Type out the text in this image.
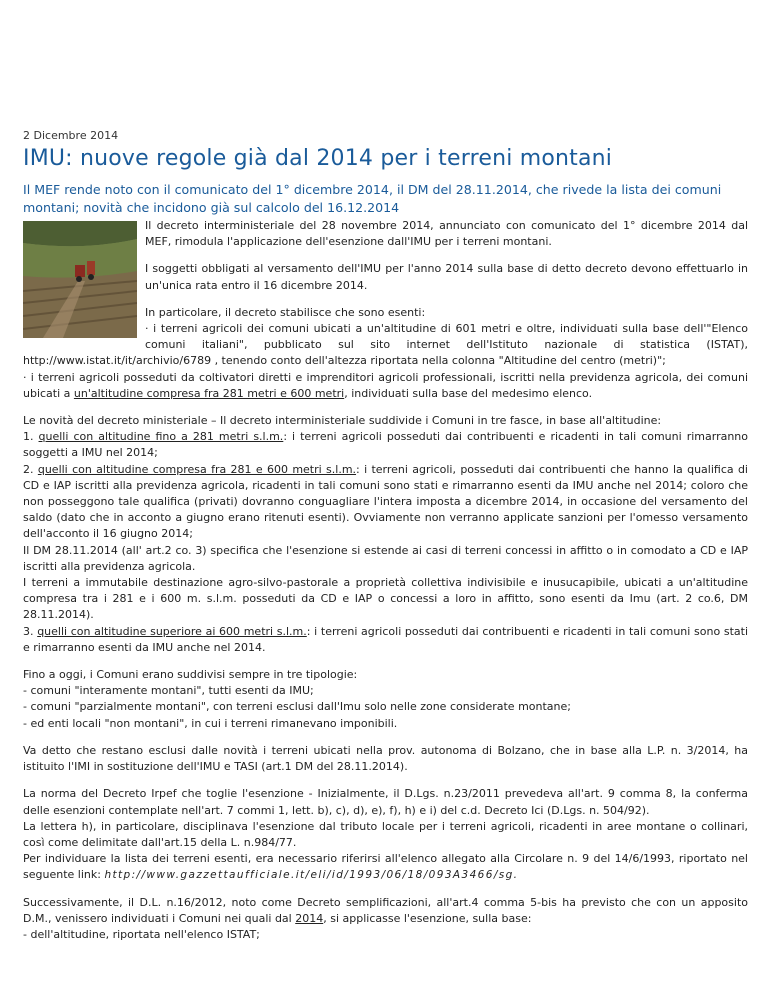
2 Dicembre 2014
IMU: nuove regole già dal 2014 per i terreni montani
Il MEF rende noto con il comunicato del 1° dicembre 2014, il DM del 28.11.2014, che rivede la lista dei comuni montani; novità che incidono già sul calcolo del 16.12.2014

Il decreto interministeriale del 28 novembre 2014, annunciato con comunicato del 1° dicembre 2014 dal MEF, rimodula l'applicazione dell'esenzione dall'IMU per i terreni montani.

I soggetti obbligati al versamento dell'IMU per l'anno 2014 sulla base di detto decreto devono effettuarlo in un'unica rata entro il 16 dicembre 2014.

In particolare, il decreto stabilisce che sono esenti:

· i terreni agricoli dei comuni ubicati a un'altitudine di 601 metri e oltre, individuati sulla base dell'"Elenco comuni italiani", pubblicato sul sito internet dell'Istituto nazionale di statistica (ISTAT), http://www.istat.it/it/archivio/6789 , tenendo conto dell'altezza riportata nella colonna "Altitudine del centro (metri)";

· i terreni agricoli posseduti da coltivatori diretti e imprenditori agricoli professionali, iscritti nella previdenza agricola, dei comuni ubicati a un'altitudine compresa fra 281 metri e 600 metri, individuati sulla base del medesimo elenco.

Le novità del decreto ministeriale – Il decreto interministeriale suddivide i Comuni in tre fasce, in base all'altitudine:

1. quelli con altitudine fino a 281 metri s.l.m.: i terreni agricoli posseduti dai contribuenti e ricadenti in tali comuni rimarranno soggetti a IMU nel 2014;

2. quelli con altitudine compresa fra 281 e 600 metri s.l.m.: i terreni agricoli, posseduti dai contribuenti che hanno la qualifica di CD e IAP iscritti alla previdenza agricola, ricadenti in tali comuni sono stati e rimarranno esenti da IMU anche nel 2014; coloro che non posseggono tale qualifica (privati) dovranno conguagliare l'intera imposta a dicembre 2014, in occasione del versamento del saldo (dato che in acconto a giugno erano ritenuti esenti). Ovviamente non verranno applicate sanzioni per l'omesso versamento dell'acconto il 16 giugno 2014;

Il DM 28.11.2014 (all' art.2 co. 3) specifica che l'esenzione si estende ai casi di terreni concessi in affitto o in comodato a CD e IAP iscritti alla previdenza agricola.

I terreni a immutabile destinazione agro-silvo-pastorale a proprietà collettiva indivisibile e inusucapibile, ubicati a un'altitudine compresa tra i 281 e i 600 m. s.l.m. posseduti da CD e IAP o concessi a loro in affitto, sono esenti da Imu (art. 2 co.6, DM 28.11.2014).

3. quelli con altitudine superiore ai 600 metri s.l.m.: i terreni agricoli posseduti dai contribuenti e ricadenti in tali comuni sono stati e rimarranno esenti da IMU anche nel 2014.

Fino a oggi, i Comuni erano suddivisi sempre in tre tipologie:

- comuni "interamente montani", tutti esenti da IMU;

- comuni "parzialmente montani", con terreni esclusi dall'Imu solo nelle zone considerate montane;

- ed enti locali "non montani", in cui i terreni rimanevano imponibili.

Va detto che restano esclusi dalle novità i terreni ubicati nella prov. autonoma di Bolzano, che in base alla L.P. n. 3/2014, ha istituito l'IMI in sostituzione dell'IMU e TASI (art.1 DM del 28.11.2014).

La norma del Decreto Irpef che toglie l'esenzione - Inizialmente, il D.Lgs. n.23/2011 prevedeva all'art. 9 comma 8, la conferma delle esenzioni contemplate nell'art. 7 commi 1, lett. b), c), d), e), f), h) e i) del c.d. Decreto Ici (D.Lgs. n. 504/92).

La lettera h), in particolare, disciplinava l'esenzione dal tributo locale per i terreni agricoli, ricadenti in aree montane o collinari, così come delimitate dall'art.15 della L. n.984/77.

Per individuare la lista dei terreni esenti, era necessario riferirsi all'elenco allegato alla Circolare n. 9 del 14/6/1993, riportato nel seguente link: http://www.gazzettaufficiale.it/eli/id/1993/06/18/093A3466/sg.

Successivamente, il D.L. n.16/2012, noto come Decreto semplificazioni, all'art.4 comma 5-bis ha previsto che con un apposito D.M., venissero individuati i Comuni nei quali dal 2014, si applicasse l'esenzione, sulla base:

- dell'altitudine, riportata nell'elenco ISTAT;
